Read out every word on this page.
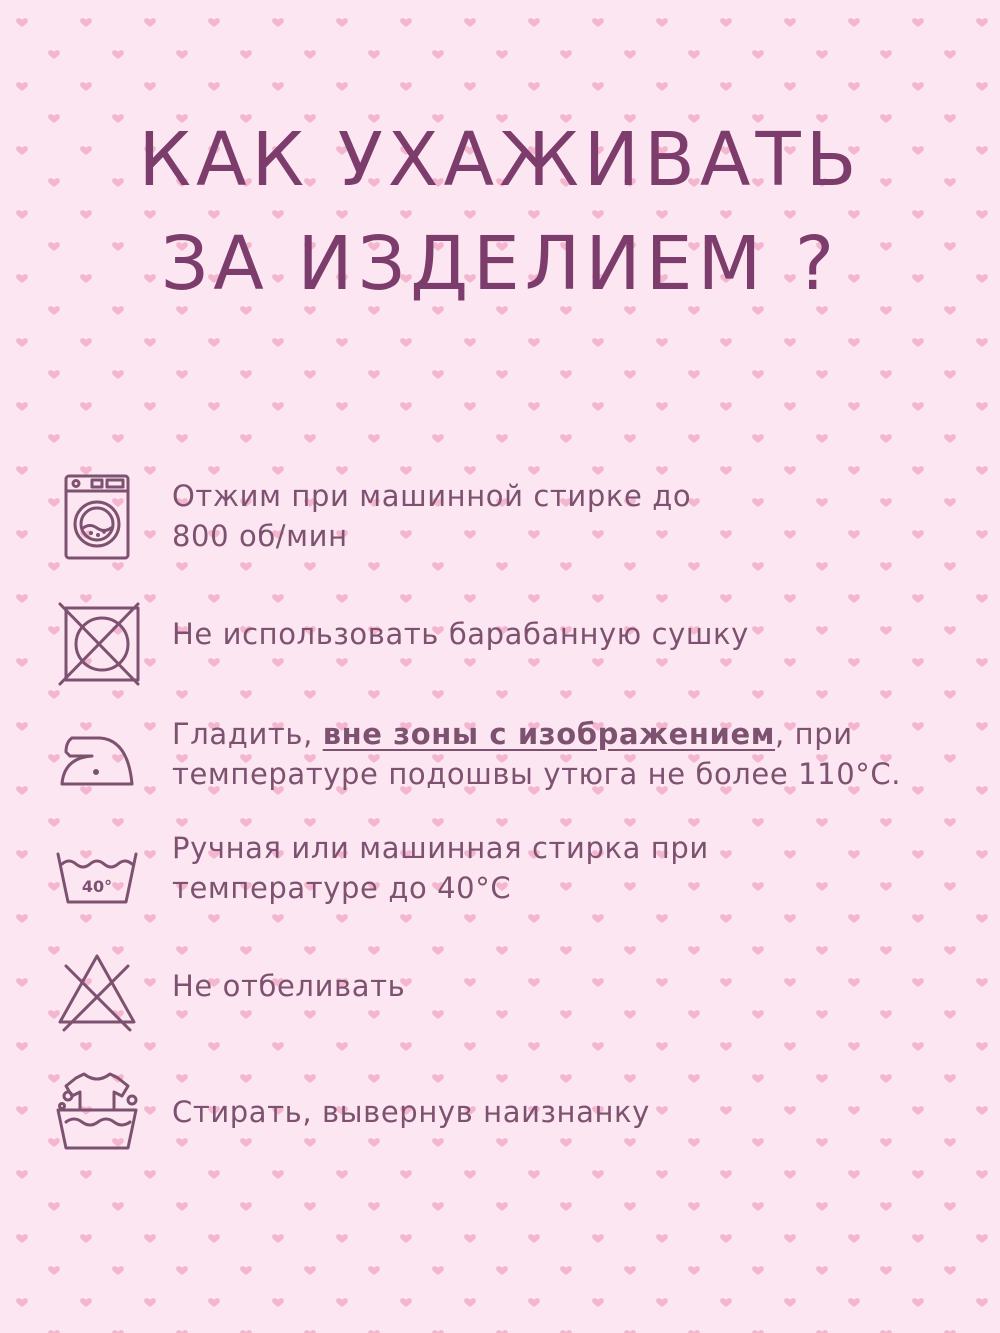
КАК УХАЖИВАТЬ
ЗА ИЗДЕЛИЕМ ?
Отжим при машинной стирке до
800 об/мин
Не использовать барабанную сушку
Гладить, вне зоны с изображением, при
температуре подошвы утюга не более 110°С.
40°
Ручная или машинная стирка при
температуре до 40°С
Не отбеливать
Стирать, вывернув наизнанку
